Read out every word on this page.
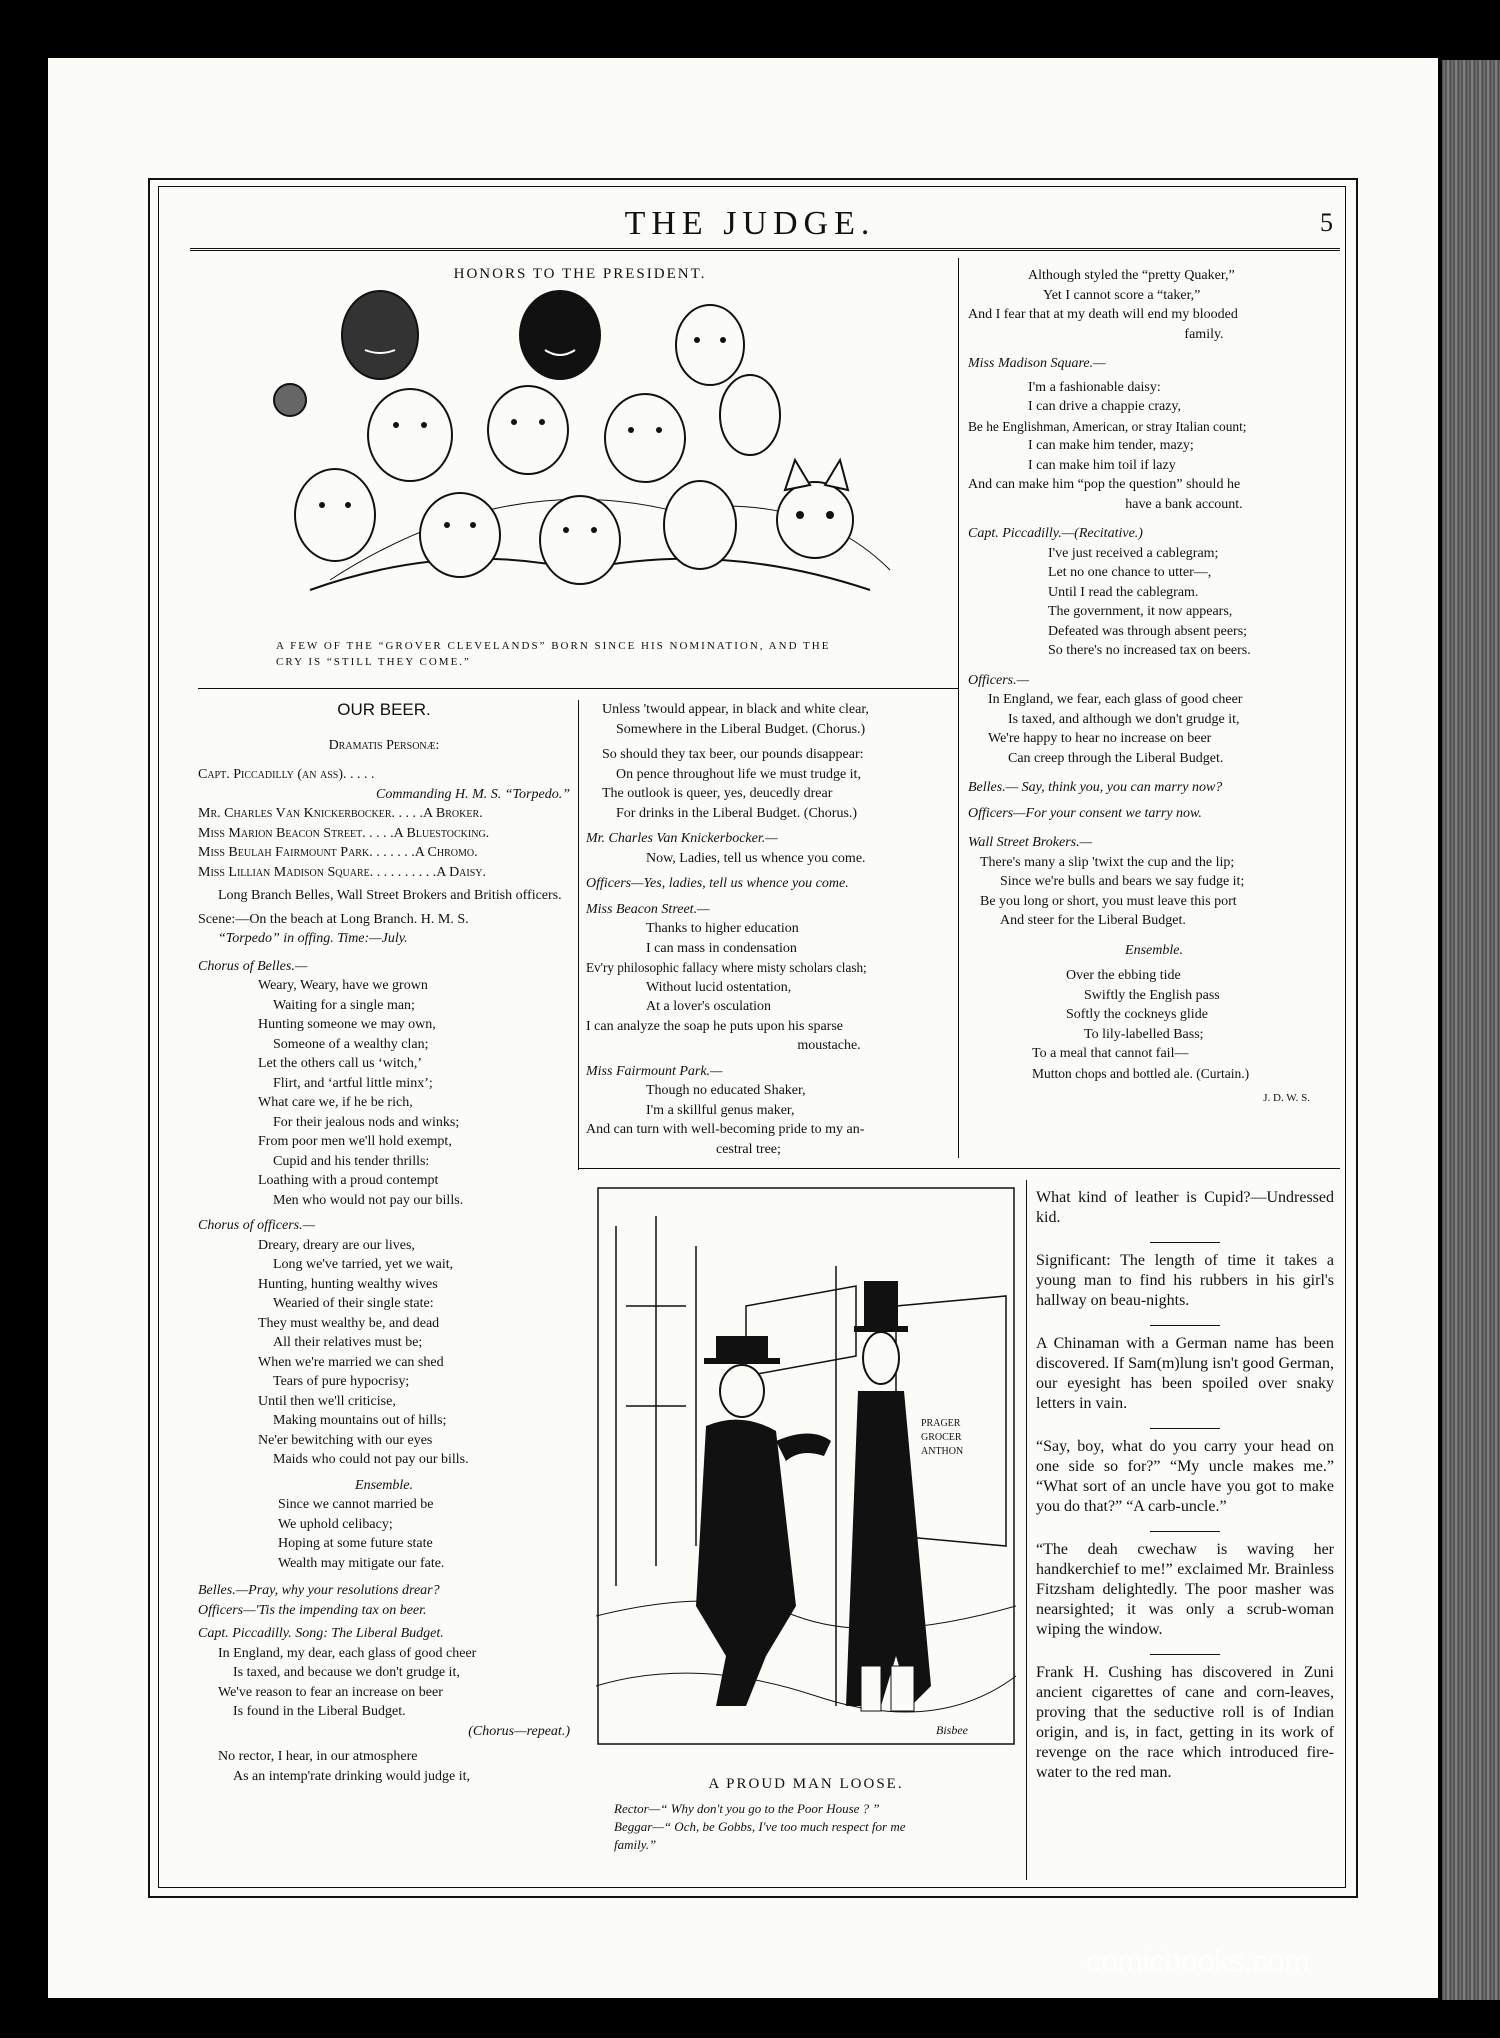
THE JUDGE.	5
HONORS TO THE PRESIDENT.
A FEW OF THE “GROVER CLEVELANDS” BORN SINCE HIS NOMINATION, AND THE
CRY IS “STILL THEY COME.”
OUR BEER.

Dramatis Personæ:

Capt. Piccadilly (an ass). . . . .

Commanding H. M. S. “Torpedo.”

Mr. Charles Van Knickerbocker. . . . .A Broker.

Miss Marion Beacon Street. . . . .A Bluestocking.

Miss Beulah Fairmount Park. . . . . . .A Chromo.

Miss Lillian Madison Square. . . . . . . . . .A Daisy.

Long Branch Belles, Wall Street Brokers and British officers.

Scene:—On the beach at Long Branch. H. M. S.

“Torpedo” in offing. Time:—July.

Chorus of Belles.—

Weary, Weary, have we grown

Waiting for a single man;

Hunting someone we may own,

Someone of a wealthy clan;

Let the others call us ‘witch,’

Flirt, and ‘artful little minx’;

What care we, if he be rich,

For their jealous nods and winks;

From poor men we'll hold exempt,

Cupid and his tender thrills:

Loathing with a proud contempt

Men who would not pay our bills.

Chorus of officers.—

Dreary, dreary are our lives,

Long we've tarried, yet we wait,

Hunting, hunting wealthy wives

Wearied of their single state:

They must wealthy be, and dead

All their relatives must be;

When we're married we can shed

Tears of pure hypocrisy;

Until then we'll criticise,

Making mountains out of hills;

Ne'er bewitching with our eyes

Maids who could not pay our bills.

Ensemble.

Since we cannot married be

We uphold celibacy;

Hoping at some future state

Wealth may mitigate our fate.

Belles.—Pray, why your resolutions drear?

Officers—'Tis the impending tax on beer.

Capt. Piccadilly. Song: The Liberal Budget.

In England, my dear, each glass of good cheer

Is taxed, and because we don't grudge it,

We've reason to fear an increase on beer

Is found in the Liberal Budget.

(Chorus—repeat.)

No rector, I hear, in our atmosphere

As an intemp'rate drinking would judge it,

Unless 'twould appear, in black and white clear,

Somewhere in the Liberal Budget. (Chorus.)

So should they tax beer, our pounds disappear:

On pence throughout life we must trudge it,

The outlook is queer, yes, deucedly drear

For drinks in the Liberal Budget. (Chorus.)

Mr. Charles Van Knickerbocker.—

Now, Ladies, tell us whence you come.

Officers—Yes, ladies, tell us whence you come.

Miss Beacon Street.—

Thanks to higher education

I can mass in condensation

Ev'ry philosophic fallacy where misty scholars clash;

Without lucid ostentation,

At a lover's osculation

I can analyze the soap he puts upon his sparse

moustache.

Miss Fairmount Park.—

Though no educated Shaker,

I'm a skillful genus maker,

And can turn with well-becoming pride to my an-

cestral tree;

Although styled the “pretty Quaker,”

Yet I cannot score a “taker,”

And I fear that at my death will end my blooded

family.

Miss Madison Square.—

I'm a fashionable daisy:

I can drive a chappie crazy,

Be he Englishman, American, or stray Italian count;

I can make him tender, mazy;

I can make him toil if lazy

And can make him “pop the question” should he

have a bank account.

Capt. Piccadilly.—(Recitative.)

I've just received a cablegram;

Let no one chance to utter—,

Until I read the cablegram.

The government, it now appears,

Defeated was through absent peers;

So there's no increased tax on beers.

Officers.—

In England, we fear, each glass of good cheer

Is taxed, and although we don't grudge it,

We're happy to hear no increase on beer

Can creep through the Liberal Budget.

Belles.— Say, think you, you can marry now?

Officers—For your consent we tarry now.

Wall Street Brokers.—

There's many a slip 'twixt the cup and the lip;

Since we're bulls and bears we say fudge it;

Be you long or short, you must leave this port

And steer for the Liberal Budget.

Ensemble.

Over the ebbing tide

Swiftly the English pass

Softly the cockneys glide

To lily-labelled Bass;

To a meal that cannot fail—

Mutton chops and bottled ale. (Curtain.)

J. D. W. S.

PRAGER
GROCER
ANTHON
Bisbee
A PROUD MAN LOOSE.

Rector—“ Why don't you go to the Poor House ? ”

Beggar—“ Och, be Gobbs, I've too much respect for me

family.”

What kind of leather is Cupid?—Undressed kid.

Significant: The length of time it takes a young man to find his rubbers in his girl's hallway on beau-nights.

A Chinaman with a German name has been discovered. If Sam(m)lung isn't good German, our eyesight has been spoiled over snaky letters in vain.

“Say, boy, what do you carry your head on one side so for?” “My uncle makes me.” “What sort of an uncle have you got to make you do that?” “A carb-uncle.”

“The deah cwechaw is waving her handkerchief to me!” exclaimed Mr. Brainless Fitzsham delightedly. The poor masher was nearsighted; it was only a scrub-woman wiping the window.

Frank H. Cushing has discovered in Zuni ancient cigarettes of cane and corn-leaves, proving that the seductive roll is of Indian origin, and is, in fact, getting in its work of revenge on the race which introduced fire-water to the red man.

comicbooks.com
